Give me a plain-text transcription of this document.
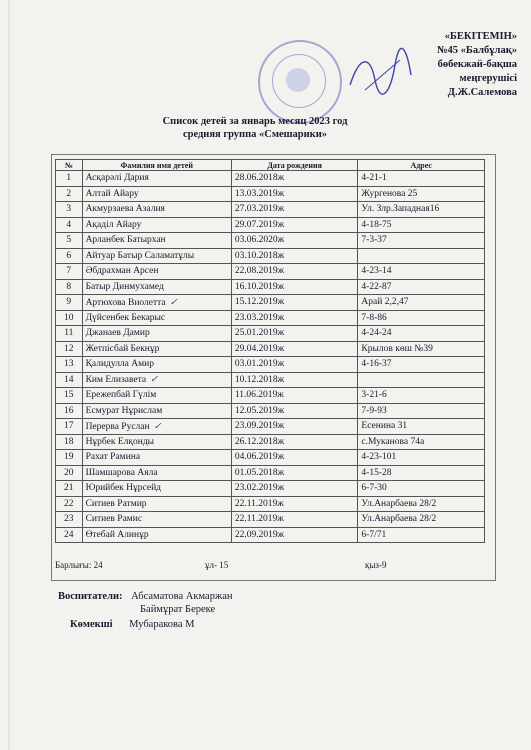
«БЕКІТЕМІН»
№45 «Балбұлақ»
бөбекжай-бақша
меңгерушісі
Д.Ж.Салемова
Список детей за январь месяц 2023 год
средняя группа «Смешарики»
№	Фамилия имя детей	Дата рождения	Адрес
1	Асқарәлі Дария	28.06.2018ж	4-21-1
2	Алтай Айару	13.03.2019ж	Жургенова 25
3	Акмурзаева Азалия	27.03.2019ж	Ул. Злр.Западная16
4	Ақаділ Айару	29.07.2019ж	4-18-75
5	Арланбек Батырхан	03.06.2020ж	7-3-37
6	Айтуар Батыр Саламатұлы	03.10.2018ж	
7	Әбдрахман Арсен	22.08.2019ж	4-23-14
8	Батыр Динмухамед	16.10.2019ж	4-22-87
9	Артюхова Виолетта ✓	15.12.2019ж	Арай 2,2,47
10	Дүйсенбек Бекарыс	23.03.2019ж	7-8-86
11	Джанаев Дамир	25.01.2019ж	4-24-24
12	Жетпісбай Бекнұр	29.04.2019ж	Крылов көш №39
13	Қалидулла Амир	03.01.2019ж	4-16-37
14	Ким Елизавета ✓	10.12.2018ж	
15	Ережепбай Гүлім	11.06.2019ж	3-21-6
16	Есмурат Нұрислам	12.05.2019ж	7-9-93
17	Перерва Руслан ✓	23.09.2019ж	Есенина 31
18	Нұрбек Елқонды	26.12.2018ж	с.Муканова 74а
19	Рахат Рамина	04.06.2019ж	4-23-101
20	Шамшарова Аяла	01.05.2018ж	4-15-28
21	Юрийбек Нұрсейд	23.02.2019ж	6-7-30
22	Ситиев Ратмир	22.11.2019ж	Ул.Анарбаева 28/2
23	Ситиев Рамис	22.11.2019ж	Ул.Анарбаева 28/2
24	Өтебай Алинұр	22.09.2019ж	6-7/71
Барлығы: 24	ұл- 15	қыз-9
Воспитатели: Абсаматова Акмаржан
Баймұрат Береке
Көмекші Мубаракова М
